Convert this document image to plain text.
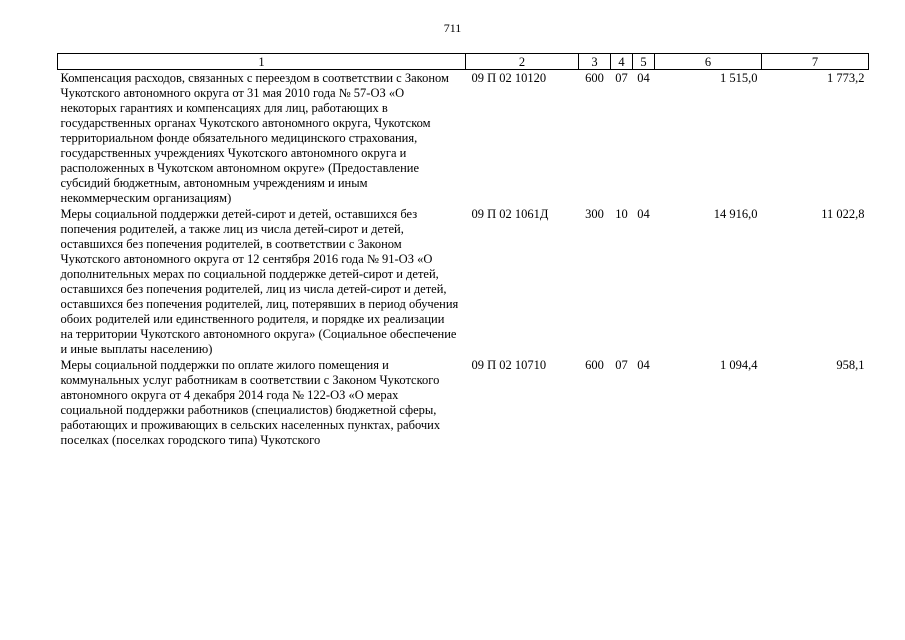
711
1	2	3	4	5	6	7
Компенсация расходов, связанных с переездом в соответствии с Законом Чукотского автономного округа от 31 мая 2010 года № 57-ОЗ «О некоторых гарантиях и компенсациях для лиц, работающих в государственных органах Чукотского автономного округа, Чукотском территориальном фонде обязательного медицинского страхования, государственных учреждениях Чукотского автономного округа и расположенных в Чукотском автономном округе» (Предоставление субсидий бюджетным, автономным учреждениям и иным некоммерческим организациям)	09 П 02 10120	600	07	04	1 515,0	1 773,2
Меры социальной поддержки детей-сирот и детей, оставшихся без попечения родителей, а также лиц из числа детей-сирот и детей, оставшихся без попечения родителей, в соответствии с Законом Чукотского автономного округа от 12 сентября 2016 года № 91-ОЗ «О дополнительных мерах по социальной поддержке детей-сирот и детей, оставшихся без попечения родителей, лиц из числа детей-сирот и детей, оставшихся без попечения родителей, лиц, потерявших в период обучения обоих родителей или единственного родителя, и порядке их реализации на территории Чукотского автономного округа» (Социальное обеспечение и иные выплаты населению)	09 П 02 1061Д	300	10	04	14 916,0	11 022,8
Меры социальной поддержки по оплате жилого помещения и коммунальных услуг работникам в соответствии с Законом Чукотского автономного округа от 4 декабря 2014 года № 122-ОЗ «О мерах социальной поддержки работников (специалистов) бюджетной сферы, работающих и проживающих в сельских населенных пунктах, рабочих поселках (поселках городского типа) Чукотского	09 П 02 10710	600	07	04	1 094,4	958,1
